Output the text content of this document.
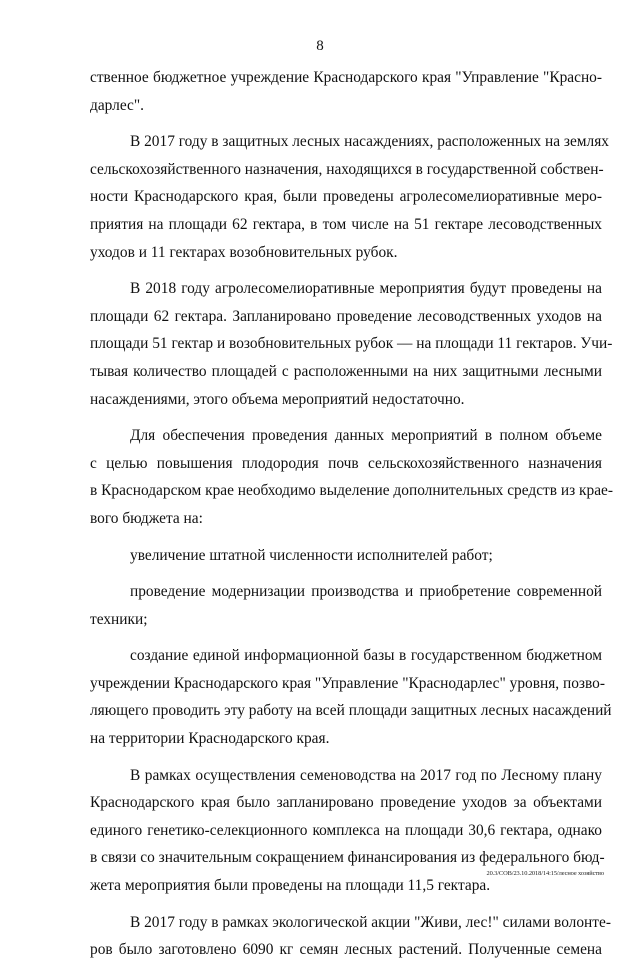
8
ственное бюджетное учреждение Краснодарского края "Управление "Красно-
дарлес".
В 2017 году в защитных лесных насаждениях, расположенных на землях
сельскохозяйственного назначения, находящихся в государственной собствен-
ности Краснодарского края, были проведены агролесомелиоративные меро-
приятия на площади 62 гектара, в том числе на 51 гектаре лесоводственных
уходов и 11 гектарах возобновительных рубок.
В 2018 году агролесомелиоративные мероприятия будут проведены на
площади 62 гектара. Запланировано проведение лесоводственных уходов на
площади 51 гектар и возобновительных рубок — на площади 11 гектаров. Учи-
тывая количество площадей с расположенными на них защитными лесными
насаждениями, этого объема мероприятий недостаточно.
Для обеспечения проведения данных мероприятий в полном объеме
с целью повышения плодородия почв сельскохозяйственного назначения
в Краснодарском крае необходимо выделение дополнительных средств из крае-
вого бюджета на:
увеличение штатной численности исполнителей работ;
проведение модернизации производства и приобретение современной
техники;
создание единой информационной базы в государственном бюджетном
учреждении Краснодарского края "Управление "Краснодарлес" уровня, позво-
ляющего проводить эту работу на всей площади защитных лесных насаждений
на территории Краснодарского края.
В рамках осуществления семеноводства на 2017 год по Лесному плану
Краснодарского края было запланировано проведение уходов за объектами
единого генетико-селекционного комплекса на площади 30,6 гектара, однако
в связи со значительным сокращением финансирования из федерального бюд-
жета мероприятия были проведены на площади 11,5 гектара.
В 2017 году в рамках экологической акции "Живи, лес!" силами волонте-
ров было заготовлено 6090 кг семян лесных растений. Полученные семена
20.3/СОВ/23.10.2018/14:15/лесное хозяйство
